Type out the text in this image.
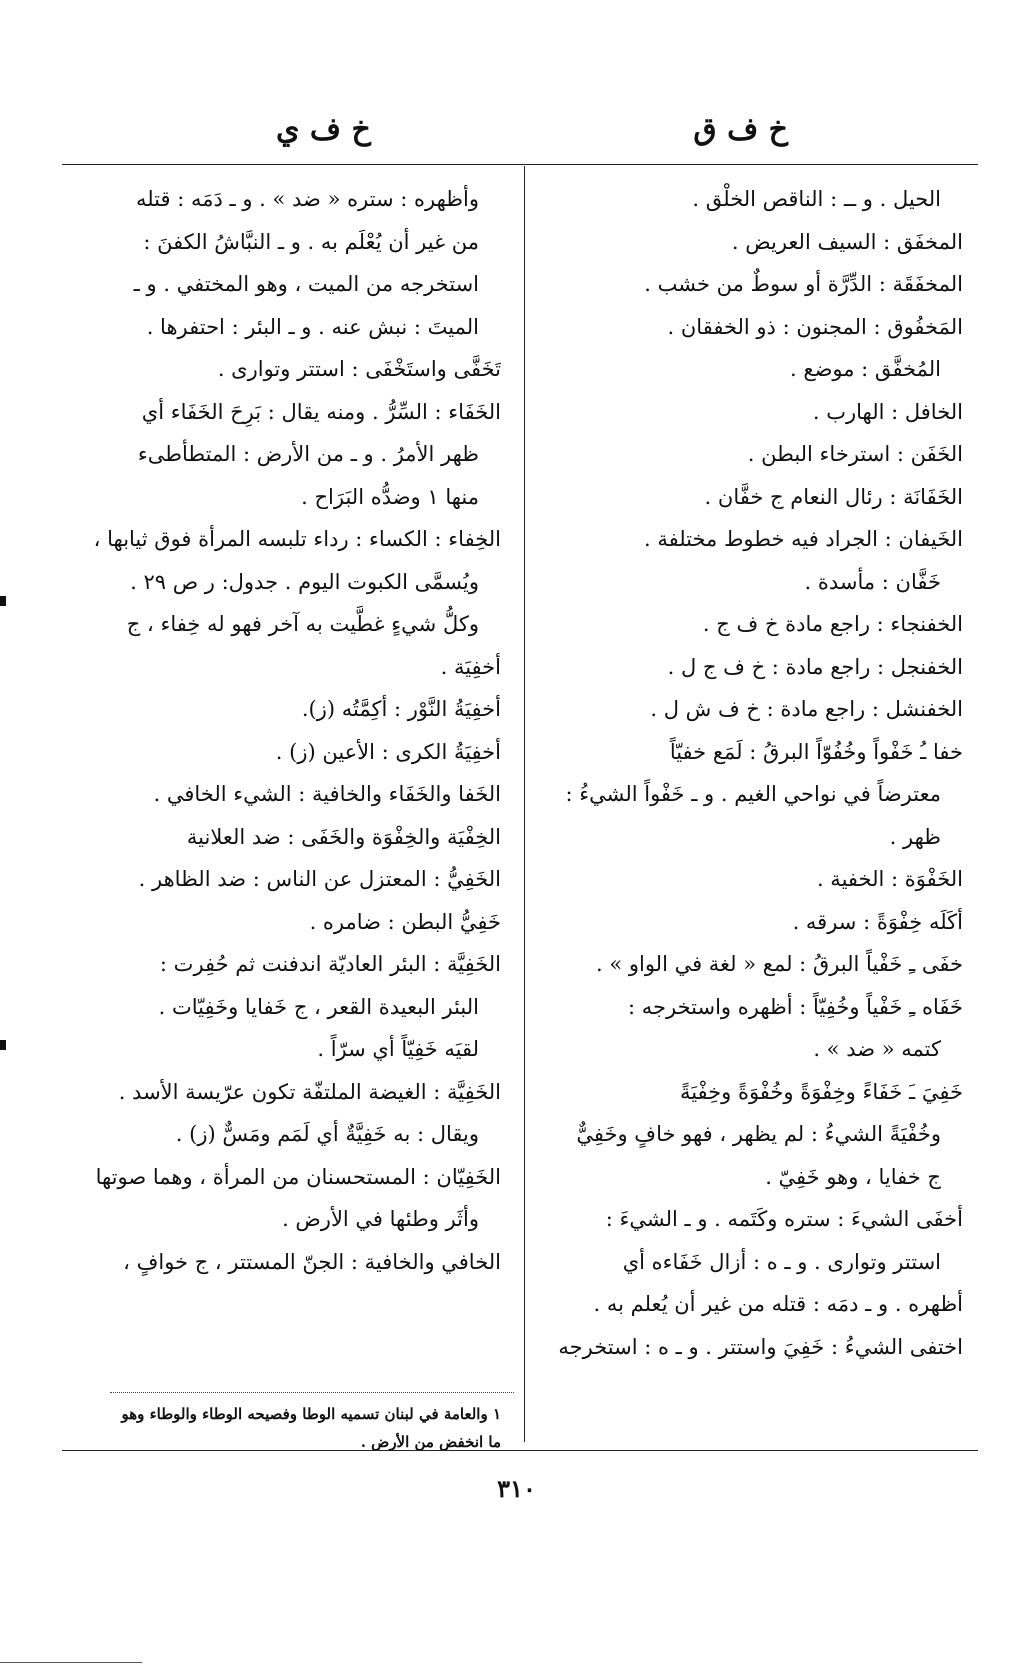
خ ف ق
خ ف ي

الحيل . و ــ : الناقص الخلْق .

المخفَق : السيف العريض .

المخفَقَة : الدِّرَّة أو سوطٌ من خشب .

المَخفُوق : المجنون : ذو الخفقان .

المُخفَّق : موضع .

الخافل : الهارب .

الخَفَن : استرخاء البطن .

الخَفَانَة : رئال النعام ج خفَّان .

الخَيفان : الجراد فيه خطوط مختلفة .

خَفَّان : مأسدة .

الخفنجاء : راجع مادة خ ف ج .

الخفنجل : راجع مادة : خ ف ج ل .

الخفنشل : راجع مادة : خ ف ش ل .

خفا ـُ خَفْواً وخُفُوّاً البرقُ : لَمَع خفيّاً

معترضاً في نواحي الغيم . و ـ خَفْواً الشيءُ :

ظهر .

الخَفْوَة : الخفية .

أكَلَه خِفْوَةً : سرقه .

خفَى ـِ خَفْياً البرقُ : لمع « لغة في الواو » .

خَفَاه ـِ خَفْياً وخُفِيّاً : أظهره واستخرجه :

كتمه « ضد » .

خَفِيَ ـَ خَفَاءً وخِفْوَةً وخُفْوَةً وخِفْيَةً

وخُفْيَةً الشيءُ : لم يظهر ، فهو خافٍ وخَفِيٌّ

ج خفايا ، وهو خَفِيّ .

أخفَى الشيءَ : ستره وكَتَمه . و ـ الشيءَ :

استتر وتوارى . و ـ ه : أزال خَفَاءه أي

أظهره . و ـ دمَه : قتله من غير أن يُعلم به .

اختفى الشيءُ : خَفِيَ واستتر . و ـ ه : استخرجه

وأظهره : ستره « ضد » . و ـ دَمَه : قتله

من غير أن يُعْلَم به . و ـ النبَّاشُ الكفنَ :

استخرجه من الميت ، وهو المختفي . و ـ

الميتَ : نبش عنه . و ـ البئر : احتفرها .

تَخَفَّى واستَخْفَى : استتر وتوارى .

الخَفَاء : السِّرُّ . ومنه يقال : بَرِحَ الخَفَاء أي

ظهر الأمرُ . و ـ من الأرض : المتطأطىء

منها ١ وضدُّه البَرَاح .

الخِفاء : الكساء : رداء تلبسه المرأة فوق ثيابها ،

ويُسمَّى الكبوت اليوم . جدول: ر ص ٢٩ .

وكلُّ شيءٍ غطَّيت به آخر فهو له خِفاء ، ج

أخفِيَة .

أخفِيَةُ النَّوْر : أكِمَّتُه (ز).

أخفِيَةُ الكرى : الأعين (ز) .

الخَفا والخَفَاء والخافية : الشيء الخافي .

الخِفْيَة والخِفْوَة والخَفَى : ضد العلانية

الخَفِيُّ : المعتزل عن الناس : ضد الظاهر .

خَفِيُّ البطن : ضامره .

الخَفِيَّة : البئر العاديّة اندفنت ثم حُفِرت :

البئر البعيدة القعر ، ج خَفايا وخَفِيّات .

لقيَه خَفِيّاً أي سرّاً .

الخَفِيَّة : الغيضة الملتفّة تكون عرّيسة الأسد .

ويقال : به خَفِيَّةٌ أي لَمَم ومَسٌّ (ز) .

الخَفِيّان : المستحسنان من المرأة ، وهما صوتها

وأثَر وطئها في الأرض .

الخافي والخافية : الجنّ المستتر ، ج خوافٍ ،

١ والعامة في لبنان تسميه الوطا وفصيحه الوطاء والوطاء وهو

ما انخفض من الأرض .

٣١٠
